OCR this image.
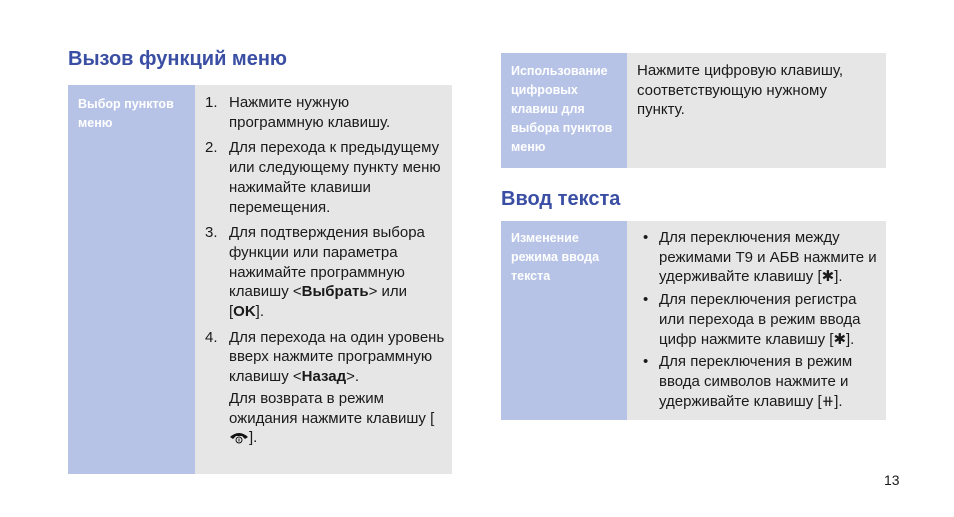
Вызов функций меню
Выбор пунктов меню
1. Нажмите нужную программную клавишу.
2. Для перехода к предыдущему или следующему пункту меню нажимайте клавиши перемещения.
3. Для подтверждения выбора функции или параметра нажимайте программную клавишу <Выбрать> или [OK].
4. Для перехода на один уровень вверх нажмите программную клавишу <Назад>.
Для возврата в режим ожидания нажмите клавишу [].
Использование цифровых клавиш для выбора пунктов меню
Нажмите цифровую клавишу, соответствующую нужному пункту.
Ввод текста
Изменение режима ввода текста
• Для переключения между режимами T9 и АБВ нажмите и удерживайте клавишу [✱].
• Для переключения регистра или перехода в режим ввода цифр нажмите клавишу [✱].
• Для переключения в режим ввода символов нажмите и удерживайте клавишу [⧺].
13
